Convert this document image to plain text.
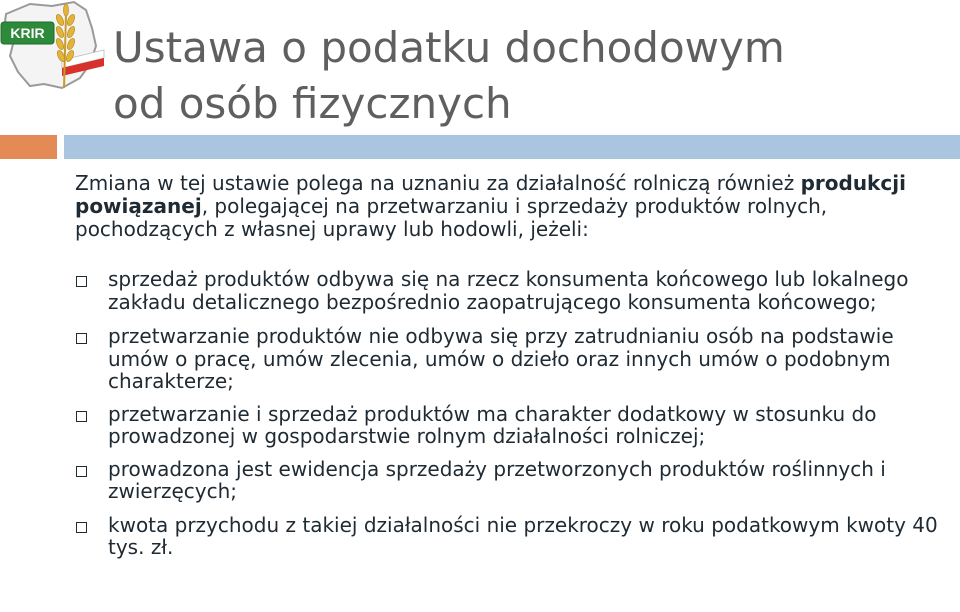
KRIR Ustawa o podatku dochodowym
od osób fizycznych
Zmiana w tej ustawie polega na uznaniu za działalność rolniczą również produkcji powiązanej, polegającej na przetwarzaniu i sprzedaży produktów rolnych, pochodzących z własnej uprawy lub hodowli, jeżeli:
sprzedaż produktów odbywa się na rzecz konsumenta końcowego lub lokalnego zakładu detalicznego bezpośrednio zaopatrującego konsumenta końcowego;
przetwarzanie produktów nie odbywa się przy zatrudnianiu osób na podstawie umów o pracę, umów zlecenia, umów o dzieło oraz innych umów o podobnym charakterze;
przetwarzanie i sprzedaż produktów ma charakter dodatkowy w stosunku do prowadzonej w gospodarstwie rolnym działalności rolniczej;
prowadzona jest ewidencja sprzedaży przetworzonych produktów roślinnych i zwierzęcych;
kwota przychodu z takiej działalności nie przekroczy w roku podatkowym kwoty 40 tys. zł.
